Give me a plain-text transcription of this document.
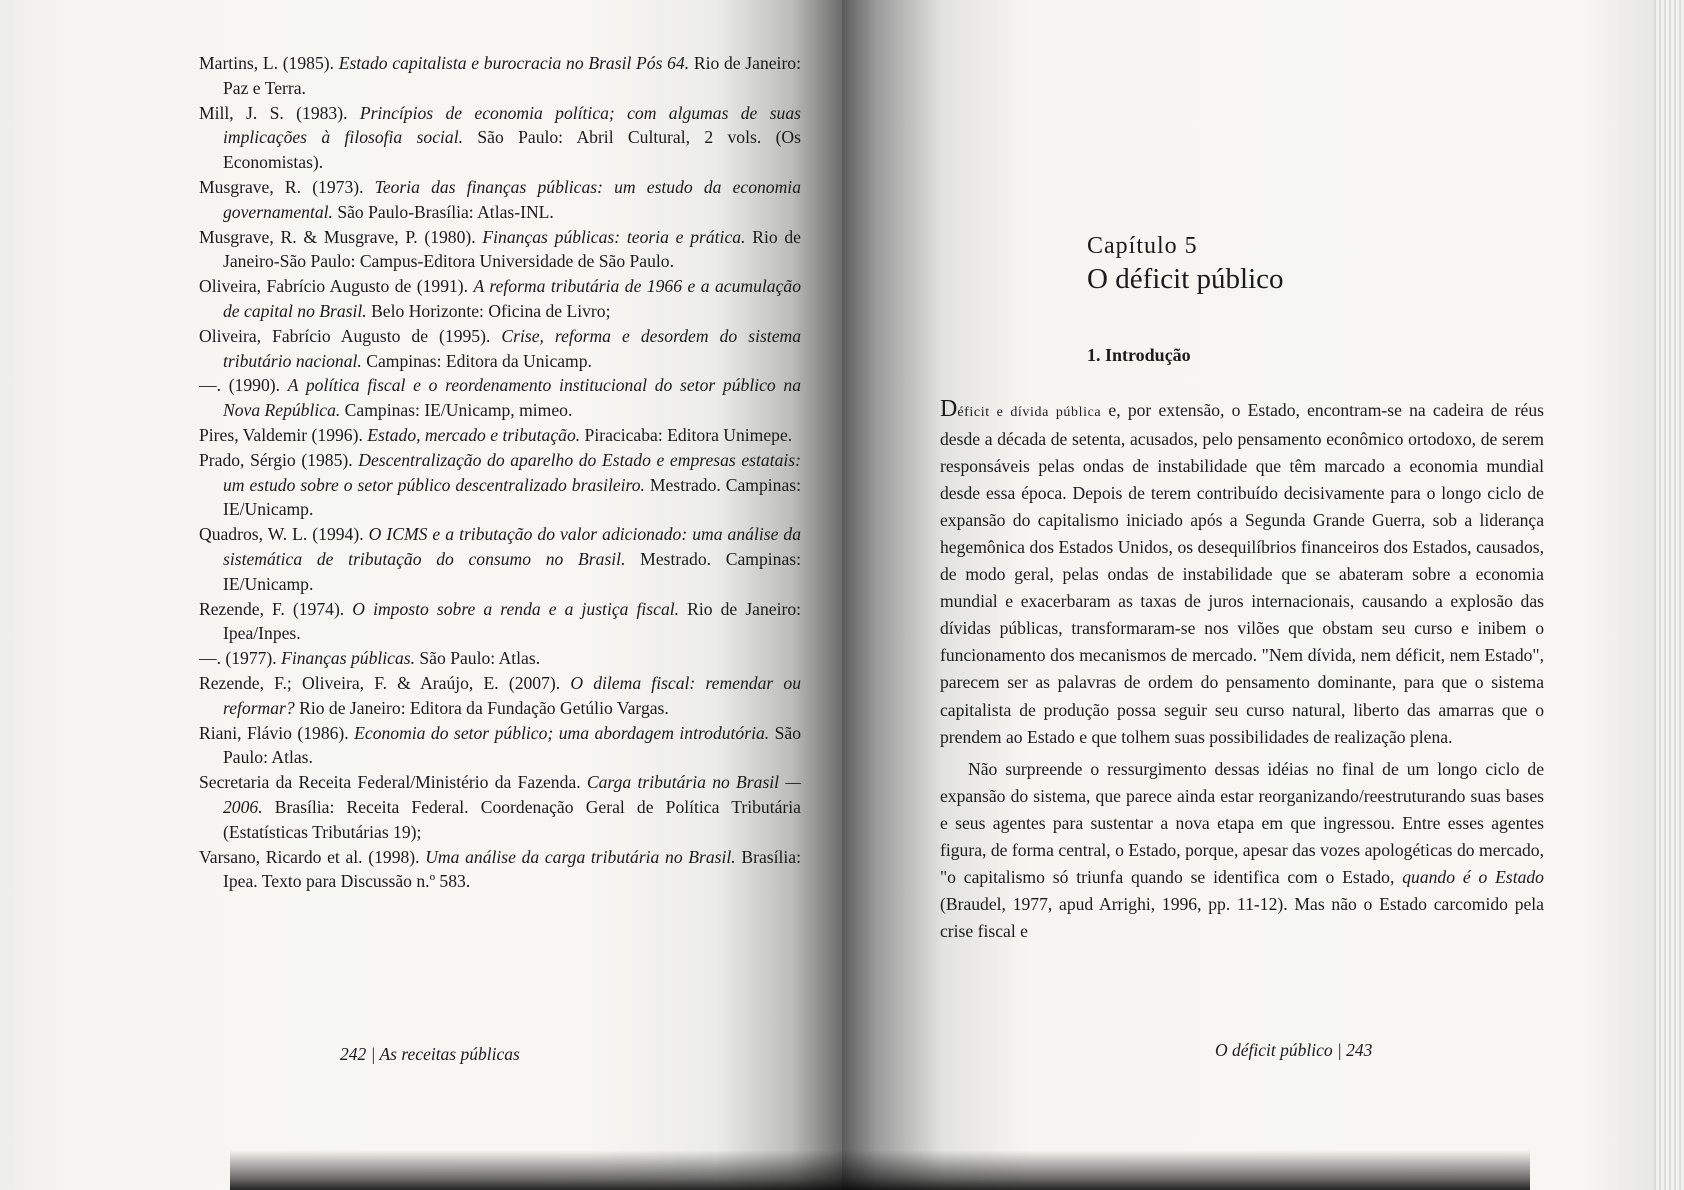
Martins, L. (1985). Estado capitalista e burocracia no Brasil Pós 64. Rio de Janeiro: Paz e Terra.
Mill, J. S. (1983). Princípios de economia política; com algumas de suas implicações à filosofia social. São Paulo: Abril Cultural, 2 vols. (Os Economistas).
Musgrave, R. (1973). Teoria das finanças públicas: um estudo da economia governamental. São Paulo-Brasília: Atlas-INL.
Musgrave, R. & Musgrave, P. (1980). Finanças públicas: teoria e prática. Rio de Janeiro-São Paulo: Campus-Editora Universidade de São Paulo.
Oliveira, Fabrício Augusto de (1991). A reforma tributária de 1966 e a acumulação de capital no Brasil. Belo Horizonte: Oficina de Livro;
Oliveira, Fabrício Augusto de (1995). Crise, reforma e desordem do sistema tributário nacional. Campinas: Editora da Unicamp.
—. (1990). A política fiscal e o reordenamento institucional do setor público na Nova República. Campinas: IE/Unicamp, mimeo.
Pires, Valdemir (1996). Estado, mercado e tributação. Piracicaba: Editora Unimepe.
Prado, Sérgio (1985). Descentralização do aparelho do Estado e empresas estatais: um estudo sobre o setor público descentralizado brasileiro. Mestrado. Campinas: IE/Unicamp.
Quadros, W. L. (1994). O ICMS e a tributação do valor adicionado: uma análise da sistemática de tributação do consumo no Brasil. Mestrado. Campinas: IE/Unicamp.
Rezende, F. (1974). O imposto sobre a renda e a justiça fiscal. Rio de Janeiro: Ipea/Inpes.
—. (1977). Finanças públicas. São Paulo: Atlas.
Rezende, F.; Oliveira, F. & Araújo, E. (2007). O dilema fiscal: remendar ou reformar? Rio de Janeiro: Editora da Fundação Getúlio Vargas.
Riani, Flávio (1986). Economia do setor público; uma abordagem introdutória. São Paulo: Atlas.
Secretaria da Receita Federal/Ministério da Fazenda. Carga tributária no Brasil — 2006. Brasília: Receita Federal. Coordenação Geral de Política Tributária (Estatísticas Tributárias 19);
Varsano, Ricardo et al. (1998). Uma análise da carga tributária no Brasil. Brasília: Ipea. Texto para Discussão n.º 583.
242 | As receitas públicas
Capítulo 5
O déficit público
1. Introdução

Déficit e dívida pública e, por extensão, o Estado, encontram-se na cadeira de réus desde a década de setenta, acusados, pelo pensamento econômico ortodoxo, de serem responsáveis pelas ondas de instabilidade que têm marcado a economia mundial desde essa época. Depois de terem contribuído decisivamente para o longo ciclo de expansão do capitalismo iniciado após a Segunda Grande Guerra, sob a liderança hegemônica dos Estados Unidos, os desequilíbrios financeiros dos Estados, causados, de modo geral, pelas ondas de instabilidade que se abateram sobre a economia mundial e exacerbaram as taxas de juros internacionais, causando a explosão das dívidas públicas, transformaram-se nos vilões que obstam seu curso e inibem o funcionamento dos mecanismos de mercado. "Nem dívida, nem déficit, nem Estado", parecem ser as palavras de ordem do pensamento dominante, para que o sistema capitalista de produção possa seguir seu curso natural, liberto das amarras que o prendem ao Estado e que tolhem suas possibilidades de realização plena.

Não surpreende o ressurgimento dessas idéias no final de um longo ciclo de expansão do sistema, que parece ainda estar reorganizando/reestruturando suas bases e seus agentes para sustentar a nova etapa em que ingressou. Entre esses agentes figura, de forma central, o Estado, porque, apesar das vozes apologéticas do mercado, "o capitalismo só triunfa quando se identifica com o Estado, quando é o Estado (Braudel, 1977, apud Arrighi, 1996, pp. 11-12). Mas não o Estado carcomido pela crise fiscal e

O déficit público | 243
